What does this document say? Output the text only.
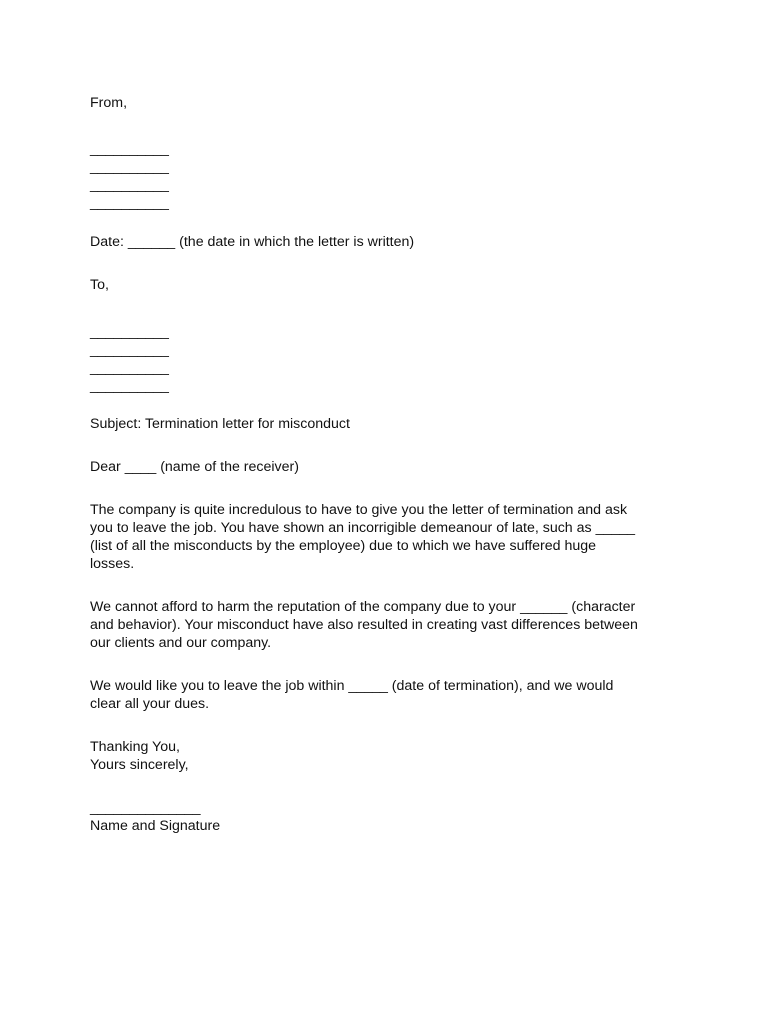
From,
__________
__________
__________
__________
Date: ______ (the date in which the letter is written)
To,
__________
__________
__________
__________
Subject: Termination letter for misconduct
Dear ____ (name of the receiver)
The company is quite incredulous to have to give you the letter of termination and ask
you to leave the job. You have shown an incorrigible demeanour of late, such as _____
(list of all the misconducts by the employee) due to which we have suffered huge
losses.
We cannot afford to harm the reputation of the company due to your ______ (character
and behavior). Your misconduct have also resulted in creating vast differences between
our clients and our company.
We would like you to leave the job within _____ (date of termination), and we would
clear all your dues.
Thanking You,
Yours sincerely,
______________
Name and Signature
